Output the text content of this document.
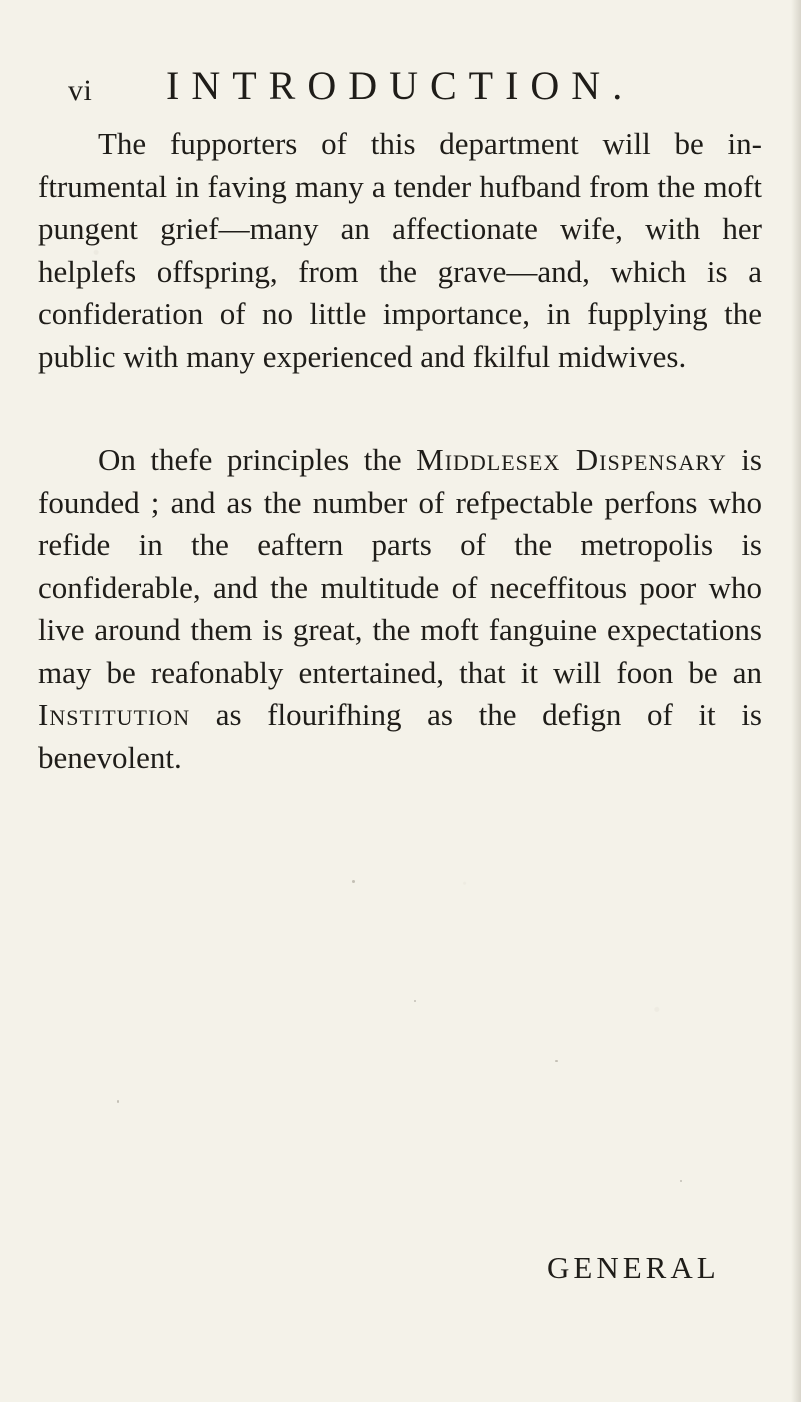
vi INTRODUCTION.

The fupporters of this department will be inftrumental in faving many a tender hufband from the moft pungent grief—many an affectionate wife, with her helplefs offspring, from the grave—and, which is a confideration of no little importance, in fupplying the public with many experienced and fkilful midwives.

On thefe principles the Middlesex Dispensary is founded ; and as the number of refpectable perfons who refide in the eaftern parts of the metropolis is confiderable, and the multitude of neceffitous poor who live around them is great, the moft fanguine expectations may be reafonably entertained, that it will foon be an Institution as flourifhing as the defign of it is benevolent.

GENERAL
